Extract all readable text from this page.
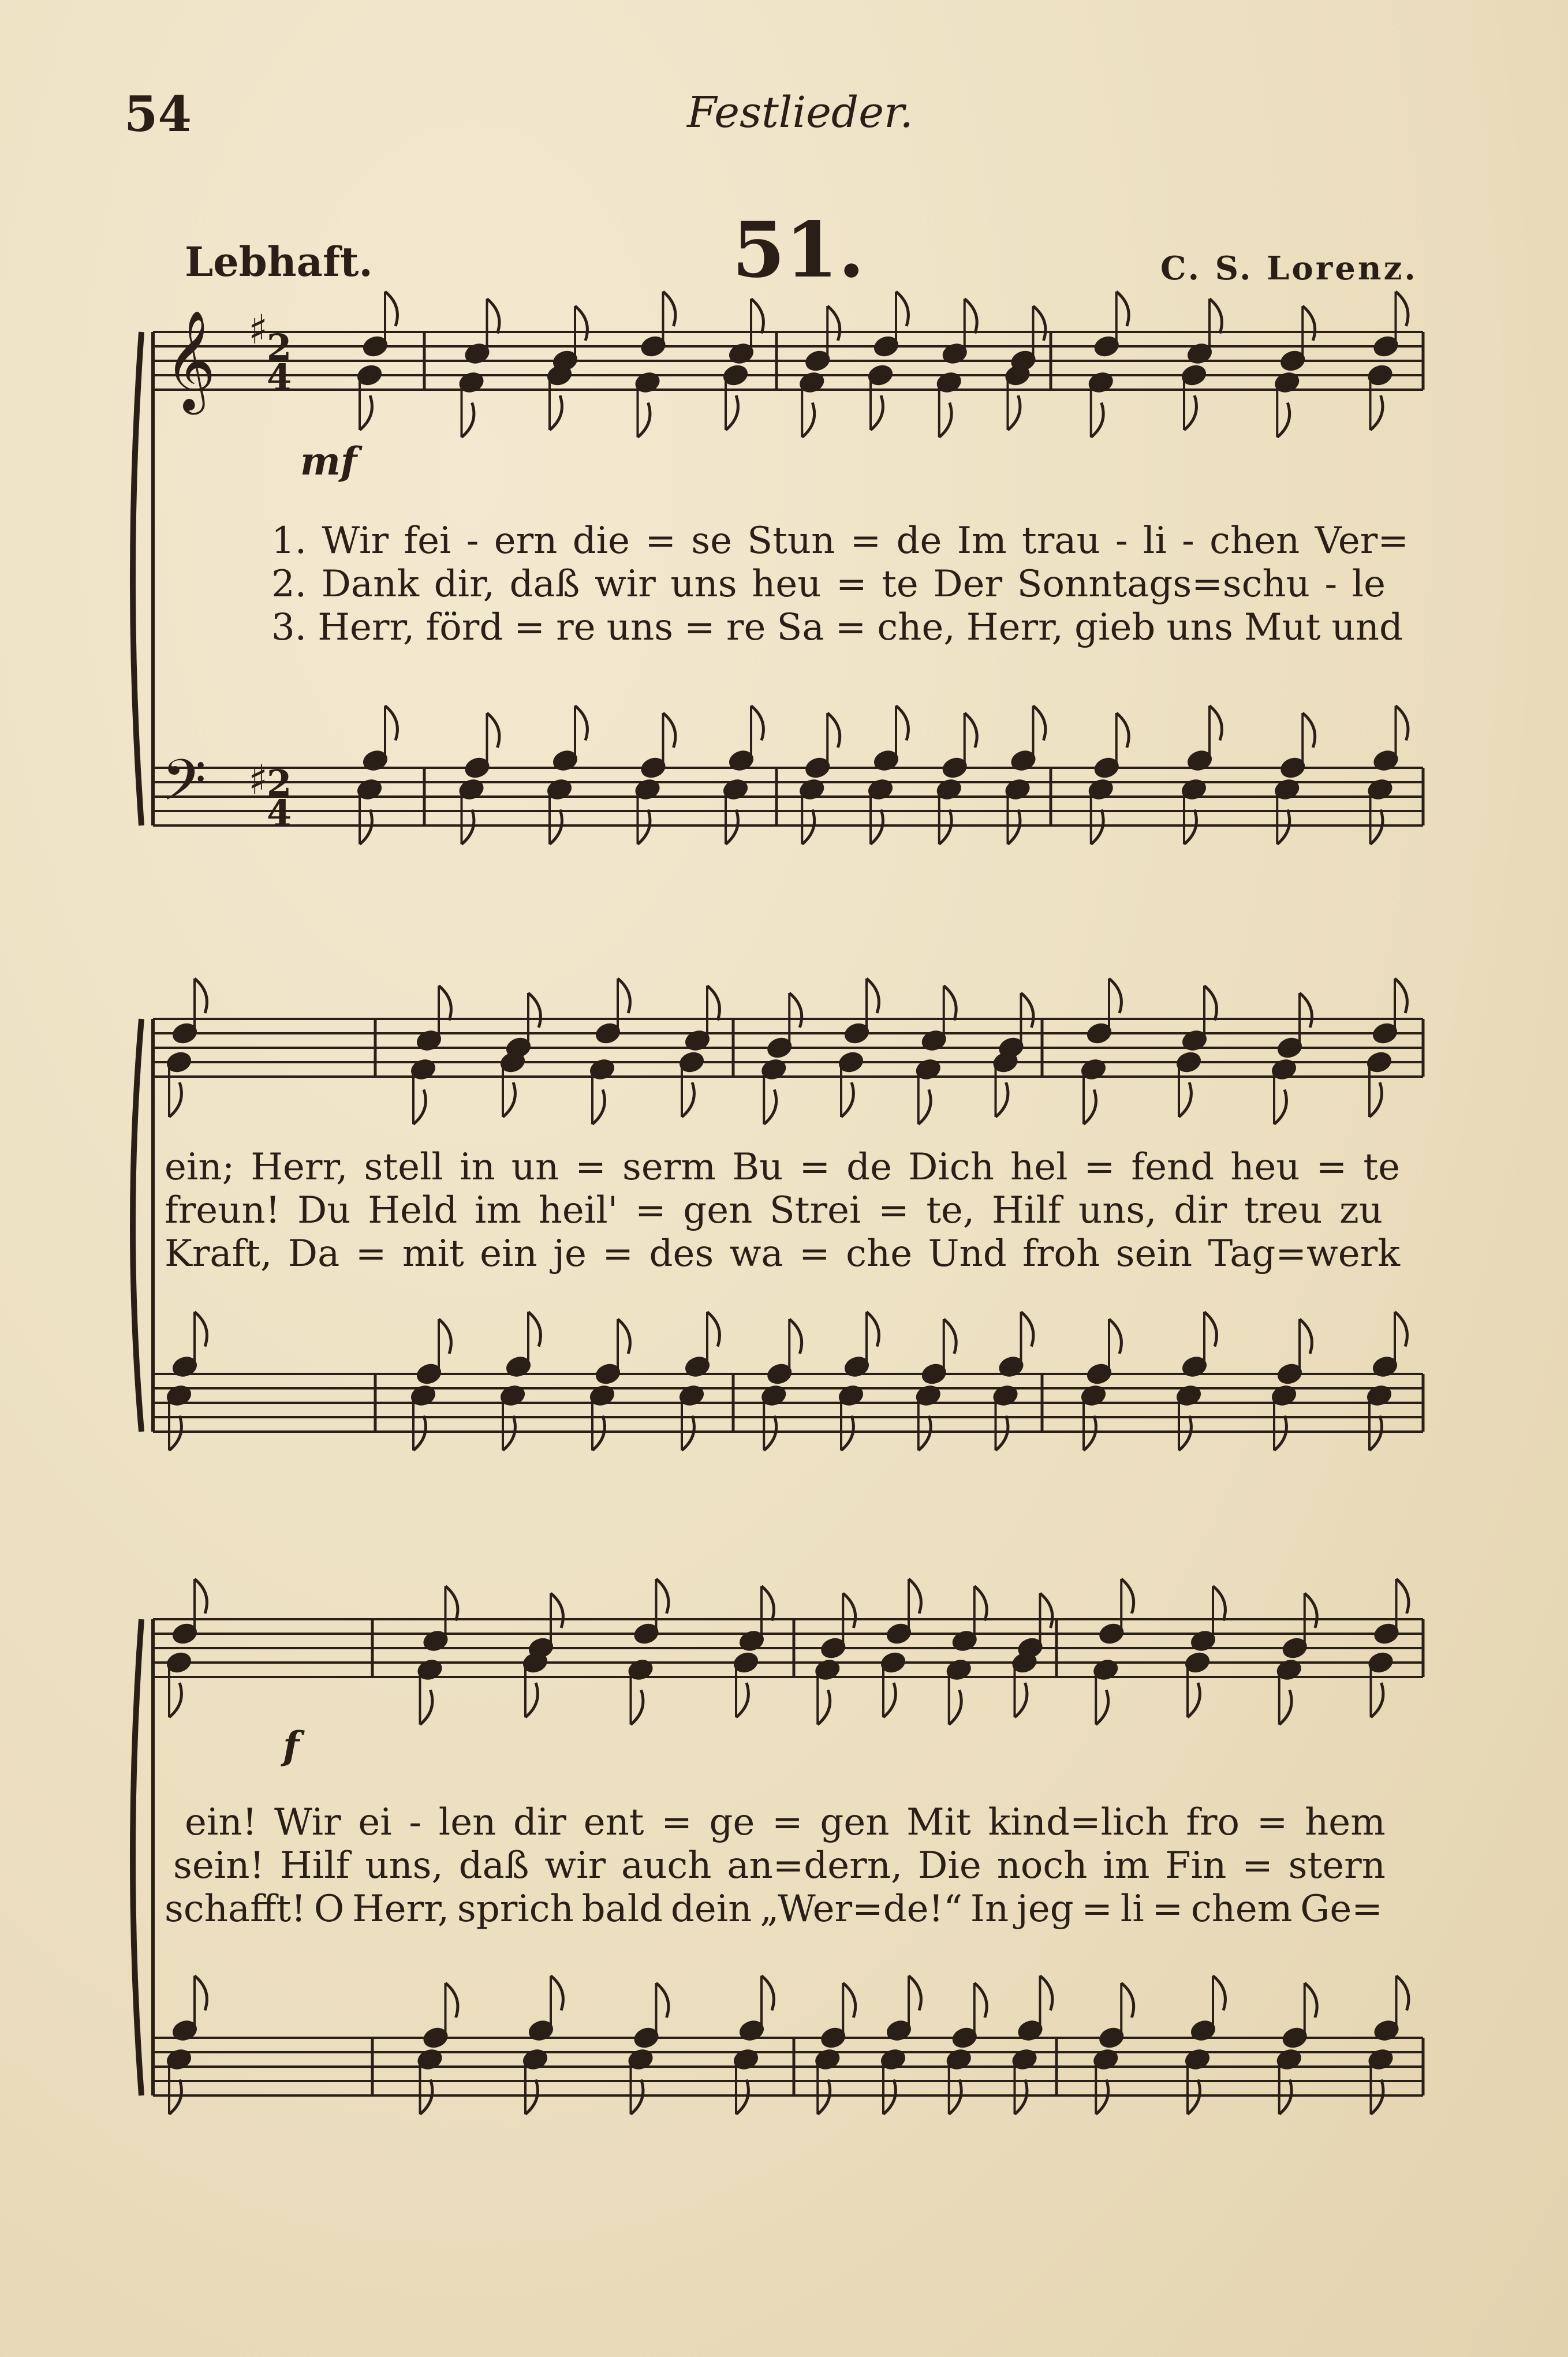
54	Festlieder.
Lebhaft.	51.	C. S. Lorenz.
𝄞
𝄢
♯
♯
2
4
2
4
1. Wir fei - ern die = se Stun = de Im trau - li - chen Ver=
2. Dank dir, daß wir uns heu = te Der Sonntags=schu - le
3. Herr, förd = re uns = re Sa = che, Herr, gieb uns Mut und
ein; Herr, stell in un = serm Bu = de Dich hel = fend heu = te
freun! Du Held im heil' = gen Strei = te, Hilf uns, dir treu zu
Kraft, Da = mit ein je = des wa = che Und froh sein Tag=werk
ein! Wir ei - len dir ent = ge = gen Mit kind=lich fro = hem
sein! Hilf uns, daß wir auch an=dern, Die noch im Fin = stern
schafft! O Herr, sprich bald dein „Wer=de!“ In jeg = li = chem Ge=
mf
f
